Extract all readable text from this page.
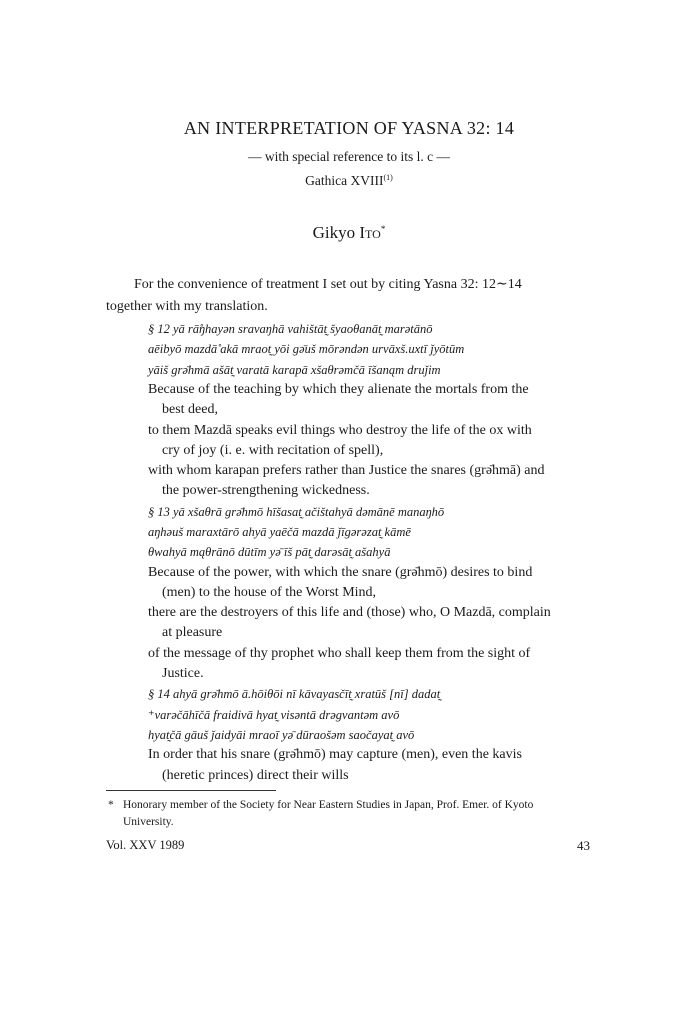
AN INTERPRETATION OF YASNA 32: 14
— with special reference to its l. c —
Gathica XVIII$^{(1)}$
Gikyo Ito*
For the convenience of treatment I set out by citing Yasna 32: 12∼14
together with my translation.
§ 12 yā rā̊ŋhayən sravaŋhā vahištāt̰ šyaoθanāt̰ marətānō
aēibyō mazdā̊ akā mraot̰ yōi gə̄uš mōrəndən urvāxš.uxtī ǰyōtūm
yāiš grə̄hmā ašāt̰ varatā karapā xšaθrəmčā īšanąm druǰim
Because of the teaching by which they alienate the mortals from the
best deed,
to them Mazdā speaks evil things who destroy the life of the ox with
cry of joy (i. e. with recitation of spell),
with whom karapan prefers rather than Justice the snares (grə̄hmā) and
the power-strengthening wickedness.
§ 13 yā xšaθrā grə̄hmō hīšasat̰ ačištahyā dəmānē manaŋhō
aŋhəuš maraxtārō ahyā yaēčā mazdā ǰīgərəzat̰ kāmē
θwahyā mąθrānō dūtīm yə̄ īš pāt̰ darəsāt̰ ašahyā
Because of the power, with which the snare (grə̄hmō) desires to bind
(men) to the house of the Worst Mind,
there are the destroyers of this life and (those) who, O Mazdā, complain
at pleasure
of the message of thy prophet who shall keep them from the sight of
Justice.
§ 14 ahyā grə̄hmō ā.hōiθōi nī kāvayasčīt̰ xratūš [nī] dadat̰
⁺varəčāhīčā fraidivā hyat̰ visəntā drəgvantəm avō
hyat̰čā gāuš ǰaidyāi mraoī yə̄ dūraošəm saočayat̰ avō
* Honorary member of the Society for Near Eastern Studies in Japan, Prof. Emer. of Kyoto
University.
Vol. XXV 1989	43
In order that his snare (grə̄hmō) may capture (men), even the kavis
(heretic princes) direct their wills
